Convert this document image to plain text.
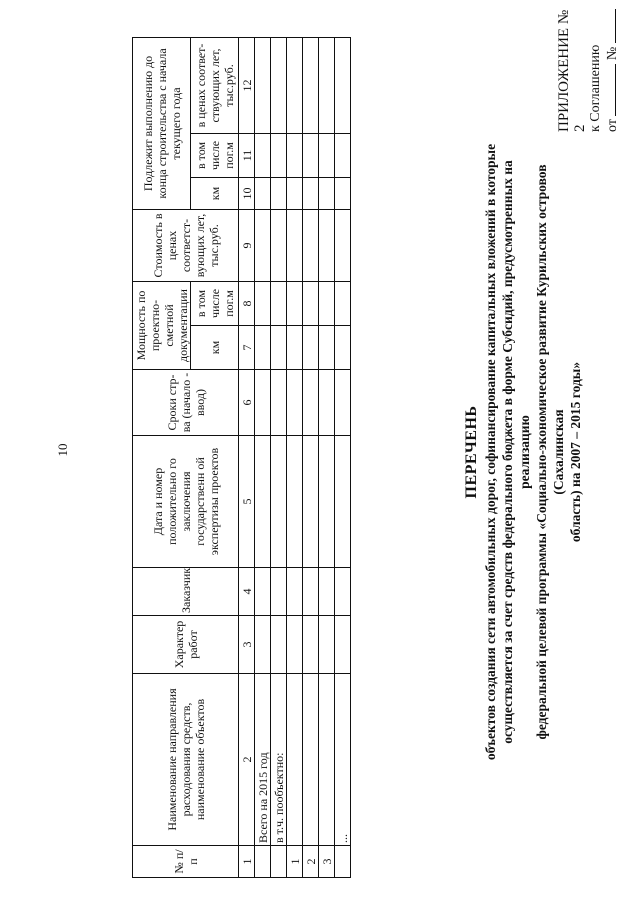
10
ПРИЛОЖЕНИЕ № 2 к Соглашению от  №
ПЕРЕЧЕНЬ объектов создания сети автомобильных дорог, софинансирование капитальных вложений в которые осуществляется за счет средств федерального бюджета в форме Субсидий, предусмотренных на реализацию федеральной целевой программы «Социально-экономическое развитие Курильских островов (Сахалинская область) на 2007 – 2015 годы»
№ п/п	Наименование направления расходования средств, наименование объектов	Характер работ	Заказчик	Дата и номер положительно го заключения государственн ой экспертизы проектов	Сроки стр-ва (начало - ввод)	Мощность по проектно-сметной документации		Стоимость в ценах соответст-вующих лет, тыс.руб.	Подлежит выполнению до конца строительства с начала текущего года		
						км	в том числе пог.м		км	в том числе пог.м	в ценах соответ-ствующих лет, тыс.руб.
1	2	3	4	5	6	7	8	9	10	11	12
	Всего на 2015 год										
	в т.ч. пообъектно:										
1											
2											
3											
	...										
